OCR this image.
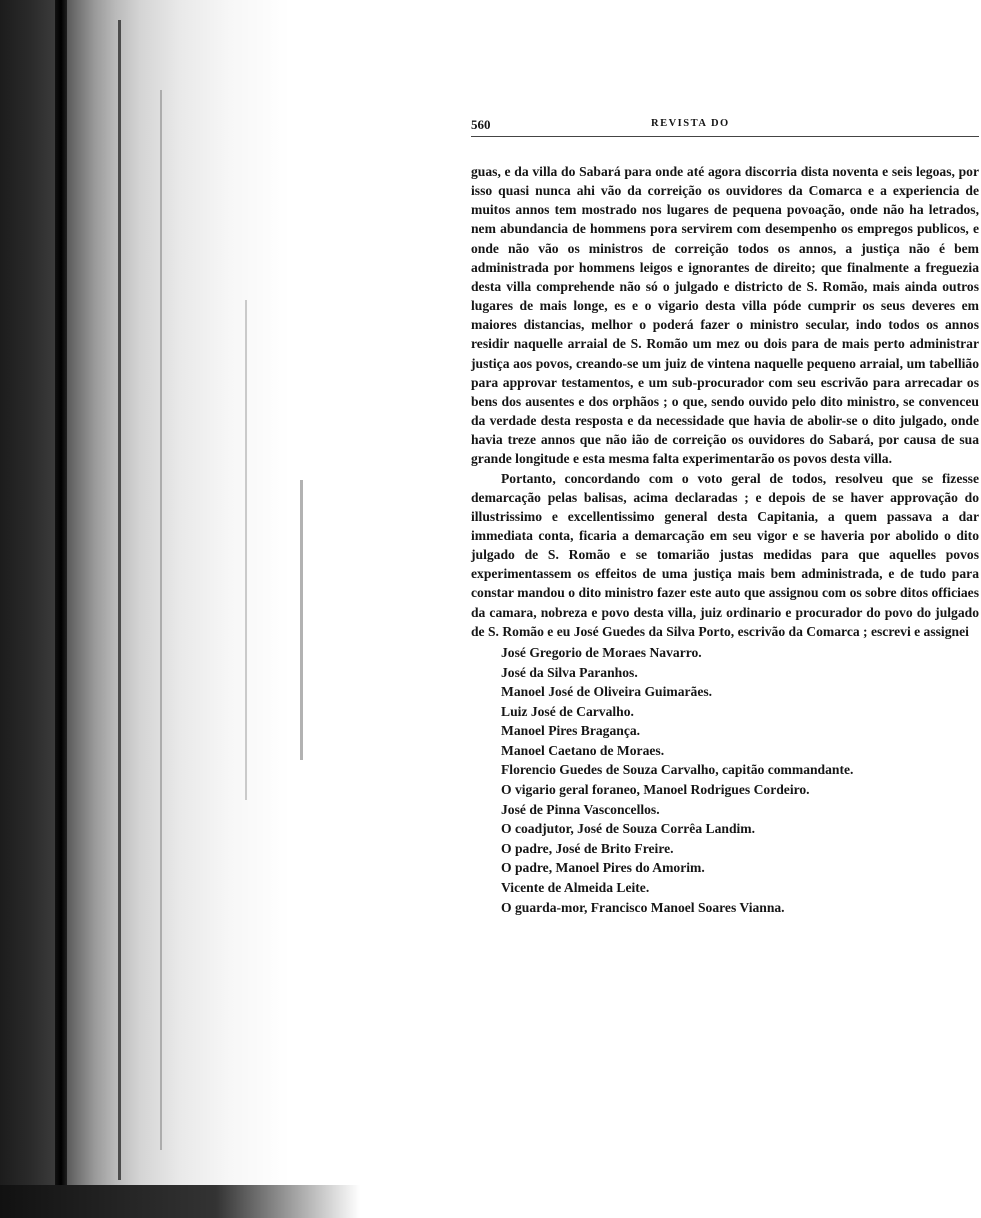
560	REVISTA DO

guas, e da villa do Sabará para onde até agora discorria dista noventa e seis legoas, por isso quasi nunca ahi vão da correição os ouvidores da Comarca e a experiencia de muitos annos tem mostrado nos lugares de pequena povoação, onde não ha letrados, nem abundancia de hommens pora servirem com desempenho os empregos publicos, e onde não vão os ministros de correição todos os annos, a justiça não é bem administrada por hommens leigos e ignorantes de direito; que finalmente a freguezia desta villa comprehende não só o julgado e districto de S. Romão, mais ainda outros lugares de mais longe, es e o vigario desta villa póde cumprir os seus deveres em maiores distancias, melhor o poderá fazer o ministro secular, indo todos os annos residir naquelle arraial de S. Romão um mez ou dois para de mais perto administrar justiça aos povos, creando-se um juiz de vintena naquelle pequeno arraial, um tabellião para approvar testamentos, e um sub-procurador com seu escrivão para arrecadar os bens dos ausentes e dos orphãos ; o que, sendo ouvido pelo dito ministro, se convenceu da verdade desta resposta e da necessidade que havia de abolir-se o dito julgado, onde havia treze annos que não ião de correição os ouvidores do Sabará, por causa de sua grande longitude e esta mesma falta experimentarão os povos desta villa.

Portanto, concordando com o voto geral de todos, resolveu que se fizesse demarcação pelas balisas, acima declaradas ; e depois de se haver approvação do illustrissimo e excellentissimo general desta Capitania, a quem passava a dar immediata conta, ficaria a demarcação em seu vigor e se haveria por abolido o dito julgado de S. Romão e se tomarião justas medidas para que aquelles povos experimentassem os effeitos de uma justiça mais bem administrada, e de tudo para constar mandou o dito ministro fazer este auto que assignou com os sobre ditos officiaes da camara, nobreza e povo desta villa, juiz ordinario e procurador do povo do julgado de S. Romão e eu José Guedes da Silva Porto, escrivão da Comarca ; escrevi e assignei

José Gregorio de Moraes Navarro.
José da Silva Paranhos.
Manoel José de Oliveira Guimarães.
Luiz José de Carvalho.
Manoel Pires Bragança.
Manoel Caetano de Moraes.
Florencio Guedes de Souza Carvalho, capitão commandante.
O vigario geral foraneo, Manoel Rodrigues Cordeiro.
José de Pinna Vasconcellos.
O coadjutor, José de Souza Corrêa Landim.
O padre, José de Brito Freire.
O padre, Manoel Pires do Amorim.
Vicente de Almeida Leite.
O guarda-mor, Francisco Manoel Soares Vianna.
